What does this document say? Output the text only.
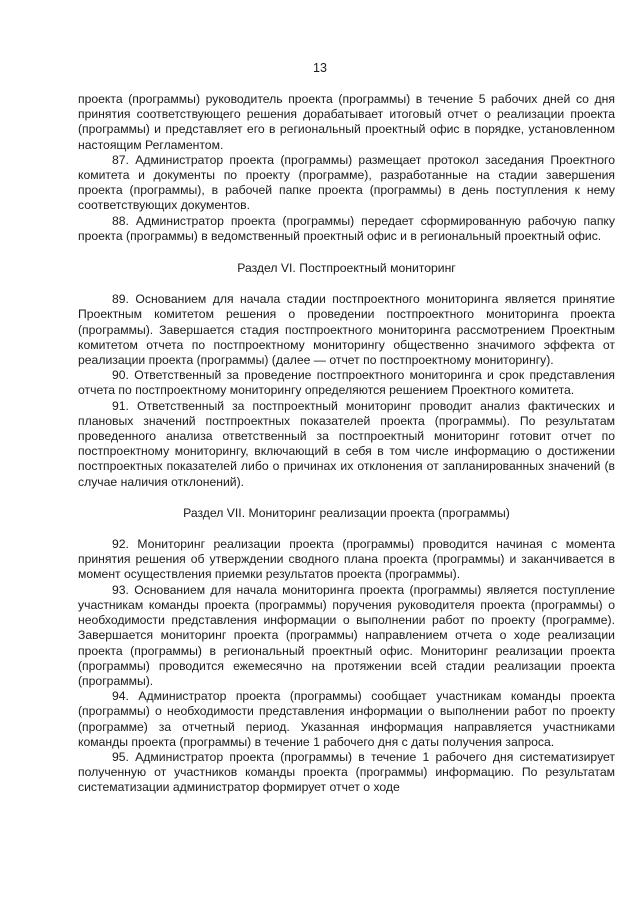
13

проекта (программы) руководитель проекта (программы) в течение 5 рабочих дней со дня принятия соответствующего решения дорабатывает итоговый отчет о реализации проекта (программы) и представляет его в региональный проектный офис в порядке, установленном настоящим Регламентом.

87. Администратор проекта (программы) размещает протокол заседания Проектного комитета и документы по проекту (программе), разработанные на стадии завершения проекта (программы), в рабочей папке проекта (программы) в день поступления к нему соответствующих документов.

88. Администратор проекта (программы) передает сформированную рабочую папку проекта (программы) в ведомственный проектный офис и в региональный проектный офис.

Раздел VI. Постпроектный мониторинг

89. Основанием для начала стадии постпроектного мониторинга является принятие Проектным комитетом решения о проведении постпроектного мониторинга проекта (программы). Завершается стадия постпроектного мониторинга рассмотрением Проектным комитетом отчета по постпроектному мониторингу общественно значимого эффекта от реализации проекта (программы) (далее — отчет по постпроектному мониторингу).

90. Ответственный за проведение постпроектного мониторинга и срок представления отчета по постпроектному мониторингу определяются решением Проектного комитета.

91. Ответственный за постпроектный мониторинг проводит анализ фактических и плановых значений постпроектных показателей проекта (программы). По результатам проведенного анализа ответственный за постпроектный мониторинг готовит отчет по постпроектному мониторингу, включающий в себя в том числе информацию о достижении постпроектных показателей либо о причинах их отклонения от запланированных значений (в случае наличия отклонений).

Раздел VII. Мониторинг реализации проекта (программы)

92. Мониторинг реализации проекта (программы) проводится начиная с момента принятия решения об утверждении сводного плана проекта (программы) и заканчивается в момент осуществления приемки результатов проекта (программы).

93. Основанием для начала мониторинга проекта (программы) является поступление участникам команды проекта (программы) поручения руководителя проекта (программы) о необходимости представления информации о выполнении работ по проекту (программе). Завершается мониторинг проекта (программы) направлением отчета о ходе реализации проекта (программы) в региональный проектный офис. Мониторинг реализации проекта (программы) проводится ежемесячно на протяжении всей стадии реализации проекта (программы).

94. Администратор проекта (программы) сообщает участникам команды проекта (программы) о необходимости представления информации о выполнении работ по проекту (программе) за отчетный период. Указанная информация направляется участниками команды проекта (программы) в течение 1 рабочего дня с даты получения запроса.

95. Администратор проекта (программы) в течение 1 рабочего дня систематизирует полученную от участников команды проекта (программы) информацию. По результатам систематизации администратор формирует отчет о ходе
